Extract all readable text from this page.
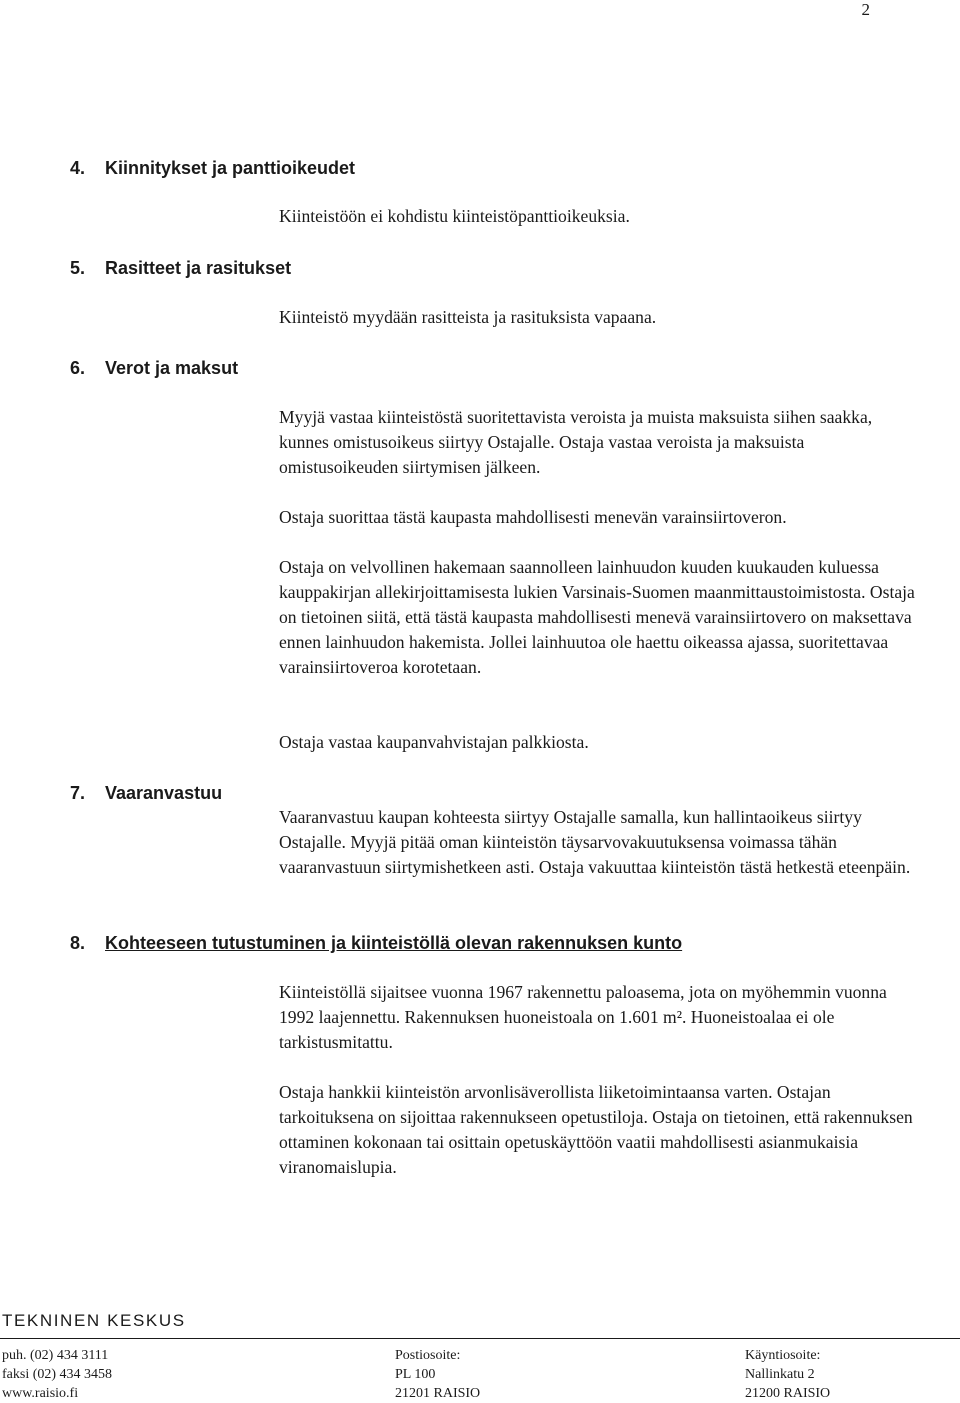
2
4. Kiinnitykset ja panttioikeudet

Kiinteistöön ei kohdistu kiinteistöpanttioikeuksia.

5. Rasitteet ja rasitukset

Kiinteistö myydään rasitteista ja rasituksista vapaana.

6. Verot ja maksut

Myyjä vastaa kiinteistöstä suoritettavista veroista ja muista maksuista siihen saakka, kunnes omistusoikeus siirtyy Ostajalle. Ostaja vastaa veroista ja maksuista omistusoikeuden siirtymisen jälkeen.

Ostaja suorittaa tästä kaupasta mahdollisesti menevän varainsiirtoveron.

Ostaja on velvollinen hakemaan saannolleen lainhuudon kuuden kuukauden kuluessa kauppakirjan allekirjoittamisesta lukien Varsinais-Suomen maanmittaustoimistosta. Ostaja on tietoinen siitä, että tästä kaupasta mahdollisesti menevä varainsiirtovero on maksettava ennen lainhuudon hakemista. Jollei lainhuutoa ole haettu oikeassa ajassa, suoritettavaa varainsiirtoveroa korotetaan.

Ostaja vastaa kaupanvahvistajan palkkiosta.

7. Vaaranvastuu

Vaaranvastuu kaupan kohteesta siirtyy Ostajalle samalla, kun hallintaoikeus siirtyy Ostajalle. Myyjä pitää oman kiinteistön täysarvovakuutuksensa voimassa tähän vaaranvastuun siirtymishetkeen asti. Ostaja vakuuttaa kiinteistön tästä hetkestä eteenpäin.

8. Kohteeseen tutustuminen ja kiinteistöllä olevan rakennuksen kunto

Kiinteistöllä sijaitsee vuonna 1967 rakennettu paloasema, jota on myöhemmin vuonna 1992 laajennettu. Rakennuksen huoneistoala on 1.601 m². Huoneistoalaa ei ole tarkistusmitattu.

Ostaja hankkii kiinteistön arvonlisäverollista liiketoimintaansa varten. Ostajan tarkoituksena on sijoittaa rakennukseen opetustiloja. Ostaja on tietoinen, että rakennuksen ottaminen kokonaan tai osittain opetuskäyttöön vaatii mahdollisesti asianmukaisia viranomaislupia.

TEKNINEN KESKUS
puh. (02) 434 3111
faksi (02) 434 3458
www.raisio.fi
Postiosoite:
PL 100
21201 RAISIO
Käyntiosoite:
Nallinkatu 2
21200 RAISIO
